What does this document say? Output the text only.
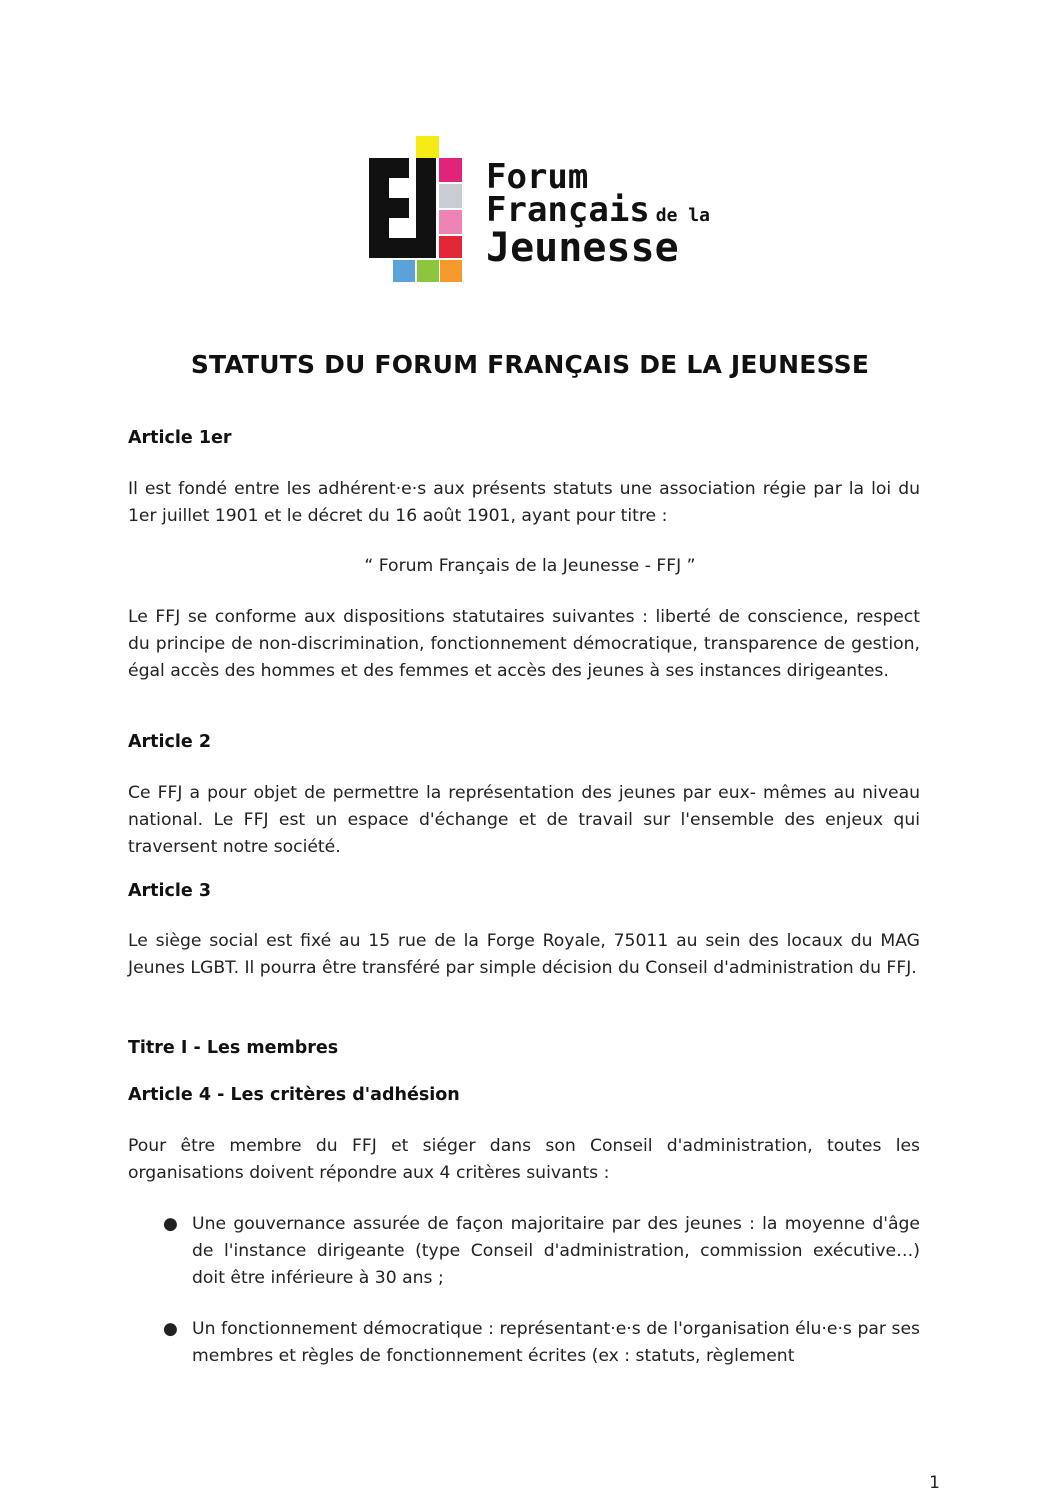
Forum
Français de la
Jeunesse
STATUTS DU FORUM FRANÇAIS DE LA JEUNESSE
Article 1er
Il est fondé entre les adhérent·e·s aux présents statuts une association régie par la loi du 1er juillet 1901 et le décret du 16 août 1901, ayant pour titre :
“ Forum Français de la Jeunesse - FFJ ”
Le FFJ se conforme aux dispositions statutaires suivantes : liberté de conscience, respect du principe de non-discrimination, fonctionnement démocratique, transparence de gestion, égal accès des hommes et des femmes et accès des jeunes à ses instances dirigeantes.
Article 2
Ce FFJ a pour objet de permettre la représentation des jeunes par eux- mêmes au niveau national. Le FFJ est un espace d'échange et de travail sur l'ensemble des enjeux qui traversent notre société.
Article 3
Le siège social est fixé au 15 rue de la Forge Royale, 75011 au sein des locaux du MAG Jeunes LGBT. Il pourra être transféré par simple décision du Conseil d'administration du FFJ.
Titre I - Les membres
Article 4 - Les critères d'adhésion
Pour être membre du FFJ et siéger dans son Conseil d'administration, toutes les organisations doivent répondre aux 4 critères suivants :
● Une gouvernance assurée de façon majoritaire par des jeunes : la moyenne d'âge de l'instance dirigeante (type Conseil d'administration, commission exécutive…) doit être inférieure à 30 ans ;
● Un fonctionnement démocratique : représentant·e·s de l'organisation élu·e·s par ses membres et règles de fonctionnement écrites (ex : statuts, règlement
1
